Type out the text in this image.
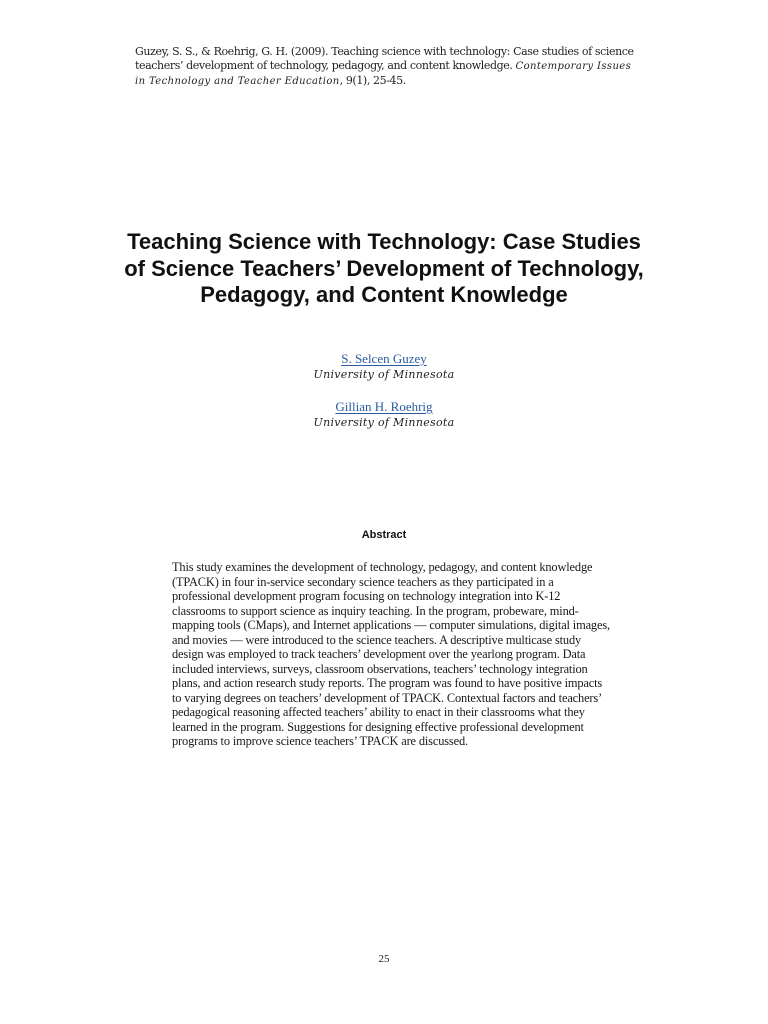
Guzey, S. S., & Roehrig, G. H. (2009). Teaching science with technology: Case studies of science teachers’ development of technology, pedagogy, and content knowledge. Contemporary Issues in Technology and Teacher Education, 9(1), 25-45.
Teaching Science with Technology: Case Studies of Science Teachers’ Development of Technology, Pedagogy, and Content Knowledge
S. Selcen Guzey
University of Minnesota
Gillian H. Roehrig
University of Minnesota
Abstract

This study examines the development of technology, pedagogy, and content knowledge (TPACK) in four in-service secondary science teachers as they participated in a professional development program focusing on technology integration into K-12 classrooms to support science as inquiry teaching. In the program, probeware, mind-mapping tools (CMaps), and Internet applications — computer simulations, digital images, and movies — were introduced to the science teachers. A descriptive multicase study design was employed to track teachers’ development over the yearlong program. Data included interviews, surveys, classroom observations, teachers’ technology integration plans, and action research study reports. The program was found to have positive impacts to varying degrees on teachers’ development of TPACK. Contextual factors and teachers’ pedagogical reasoning affected teachers’ ability to enact in their classrooms what they learned in the program. Suggestions for designing effective professional development programs to improve science teachers’ TPACK are discussed.

25
